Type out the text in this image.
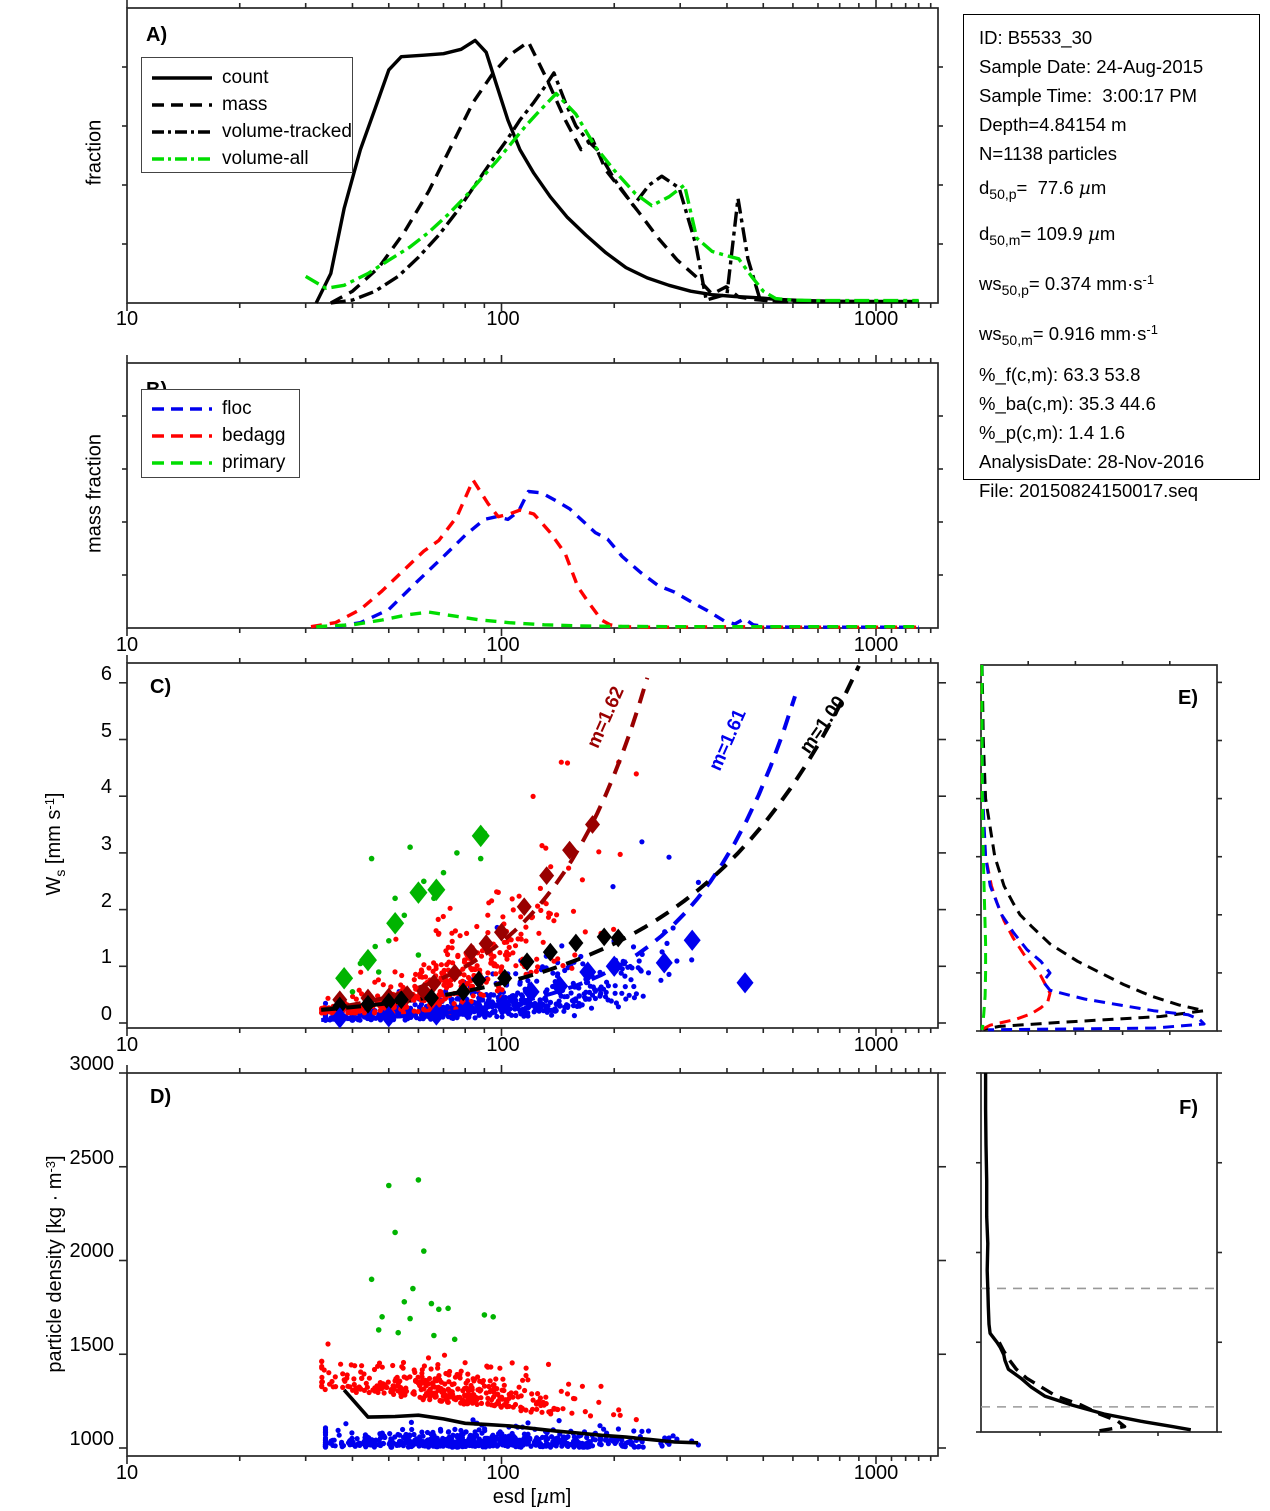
m=1.62	m=1.61 m=1.00
A)
C)
D)
E)
F)
10	100	1000
10	100	1000
10	100	1000
10	100	1000
esd [µm]
fraction
mass fraction
$W_s$ [mm $s^{-1}$]
particle density $[kg \cdot m^{-3}]$
0
1
2
3
4
5
6
1000
1500
2000
2500
3000
count
mass
volume-tracked
volume-all
floc
bedagg
primary
ID: B5533_30
Sample Date: 24-Aug-2015
Sample Time:  3:00:17 PM
Depth=4.84154 m
N=1138 particles
$d_{50,p}= 77.6$ µm
$d_{50,m}= 109.9$ µm
$ws_{50,p}= 0.374$ $mm\cdot s^{-1}$
$ws_{50,m}= 0.916$ $mm\cdot s^{-1}$
%_f(c,m): 63.3 53.8
%_ba(c,m): 35.3 44.6
%_p(c,m): 1.4 1.6
AnalysisDate: 28-Nov-2016
File: 20150824150017.seq
